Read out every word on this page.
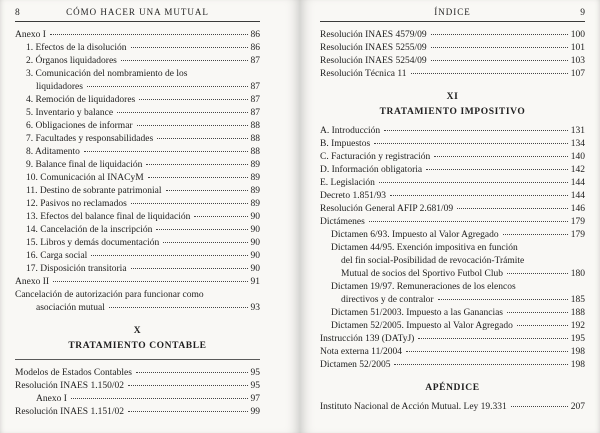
8	CÓMO HACER UNA MUTUAL
Anexo I	86
1. Efectos de la disolución	86
2. Órganos liquidadores	87
3. Comunicación del nombramiento de los
liquidadores	87
4. Remoción de liquidadores	87
5. Inventario y balance	87
6. Obligaciones de informar	88
7. Facultades y responsabilidades	88
8. Aditamento	88
9. Balance final de liquidación	89
10. Comunicación al INACyM	89
11. Destino de sobrante patrimonial	89
12. Pasivos no reclamados	89
13. Efectos del balance final de liquidación	90
14. Cancelación de la inscripción	90
15. Libros y demás documentación	90
16. Carga social	90
17. Disposición transitoria	90
Anexo II	91
Cancelación de autorización para funcionar como
asociación mutual	93
X
TRATAMIENTO CONTABLE
Modelos de Estados Contables	95
Resolución INAES 1.150/02	95
Anexo I	97
Resolución INAES 1.151/02	99
ÍNDICE	9
Resolución INAES 4579/09	100
Resolución INAES 5255/09	101
Resolución INAES 5254/09	103
Resolución Técnica 11	107
XI
TRATAMIENTO IMPOSITIVO
A. Introducción	131
B. Impuestos	134
C. Facturación y registración	140
D. Información obligatoria	142
E. Legislación	144
Decreto 1.851/93	144
Resolución General AFIP 2.681/09	146
Dictámenes	179
Dictamen 6/93. Impuesto al Valor Agregado	179
Dictamen 44/95. Exención impositiva en función
del fin social-Posibilidad de revocación-Trámite
Mutual de socios del Sportivo Futbol Club	180
Dictamen 19/97. Remuneraciones de los elencos
directivos y de contralor	185
Dictamen 51/2003. Impuesto a las Ganancias	188
Dictamen 52/2005. Impuesto al Valor Agregado	192
Instrucción 139 (DATyJ)	195
Nota externa 11/2004	198
Dictamen 52/2005	198
APÉNDICE
Instituto Nacional de Acción Mutual. Ley 19.331	207
